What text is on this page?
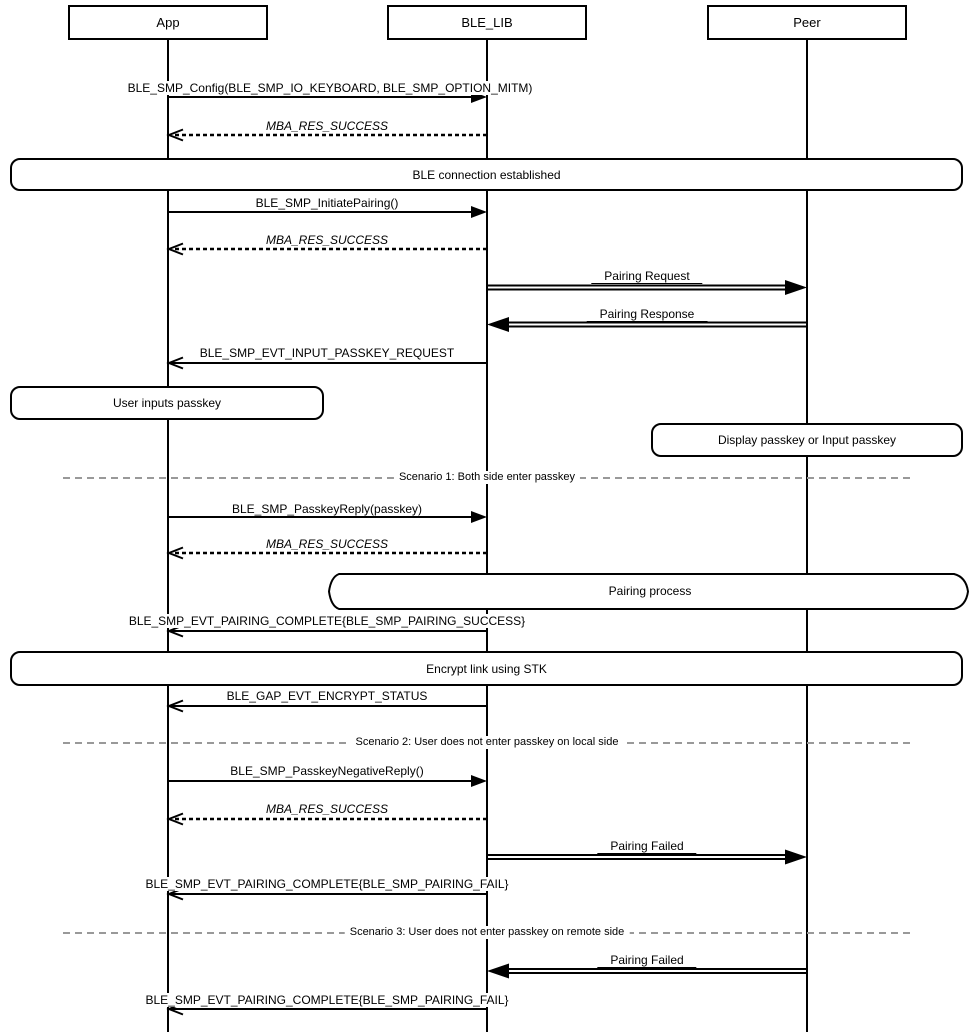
App	BLE_LIB	Peer
BLE_SMP_Config(BLE_SMP_IO_KEYBOARD, BLE_SMP_OPTION_MITM)
MBA_RES_SUCCESS
BLE_SMP_InitiatePairing()
MBA_RES_SUCCESS
Pairing Request
Pairing Response
BLE_SMP_EVT_INPUT_PASSKEY_REQUEST
BLE_SMP_PasskeyReply(passkey)
MBA_RES_SUCCESS
Pairing process
BLE_SMP_EVT_PAIRING_COMPLETE{BLE_SMP_PAIRING_SUCCESS}
BLE_GAP_EVT_ENCRYPT_STATUS
BLE_SMP_PasskeyNegativeReply()
MBA_RES_SUCCESS
Pairing Failed
BLE_SMP_EVT_PAIRING_COMPLETE{BLE_SMP_PAIRING_FAIL}
Pairing Failed
BLE_SMP_EVT_PAIRING_COMPLETE{BLE_SMP_PAIRING_FAIL}
BLE connection established
User inputs passkey
Display passkey or Input passkey
Encrypt link using STK
Scenario 1: Both side enter passkey
Scenario 2: User does not enter passkey on local side
Scenario 3: User does not enter passkey on remote side
